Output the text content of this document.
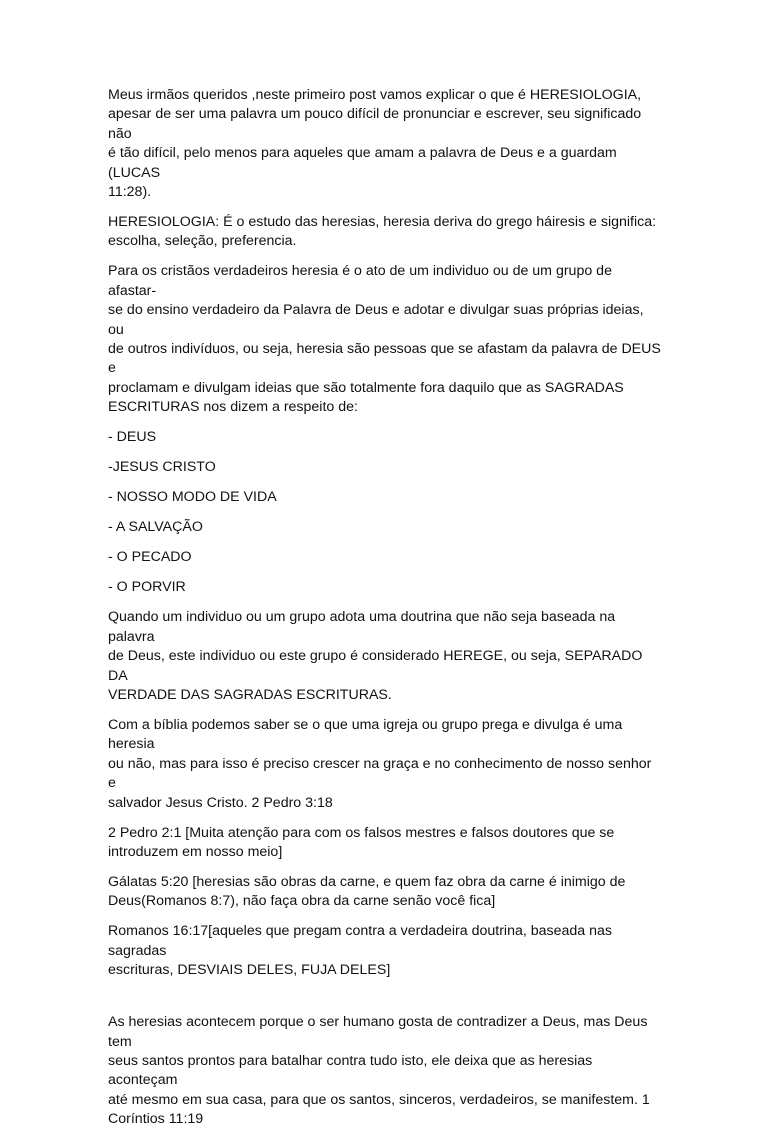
Meus irmãos queridos ,neste primeiro post vamos explicar o que é HERESIOLOGIA,
apesar de ser uma palavra um pouco difícil de pronunciar e escrever, seu significado não
é tão difícil, pelo menos para aqueles que amam a palavra de Deus e a guardam (LUCAS
11:28).

HERESIOLOGIA: É o estudo das heresias, heresia deriva do grego háiresis e significa:
escolha, seleção, preferencia.

Para os cristãos verdadeiros heresia é o ato de um individuo ou de um grupo de afastar-
se do ensino verdadeiro da Palavra de Deus e adotar e divulgar suas próprias ideias, ou
de outros indivíduos, ou seja, heresia são pessoas que se afastam da palavra de DEUS e
proclamam e divulgam ideias que são totalmente fora daquilo que as SAGRADAS
ESCRITURAS nos dizem a respeito de:

- DEUS

-JESUS CRISTO

- NOSSO MODO DE VIDA

- A SALVAÇÃO

- O PECADO

- O PORVIR

Quando um individuo ou um grupo adota uma doutrina que não seja baseada na palavra
de Deus, este individuo ou este grupo é considerado HEREGE, ou seja, SEPARADO DA
VERDADE DAS SAGRADAS ESCRITURAS.

Com a bíblia podemos saber se o que uma igreja ou grupo prega e divulga é uma heresia
ou não, mas para isso é preciso crescer na graça e no conhecimento de nosso senhor e
salvador Jesus Cristo. 2 Pedro 3:18

2 Pedro 2:1 [Muita atenção para com os falsos mestres e falsos doutores que se
introduzem em nosso meio]

Gálatas 5:20 [heresias são obras da carne, e quem faz obra da carne é inimigo de
Deus(Romanos 8:7), não faça obra da carne senão você fica]

Romanos 16:17[aqueles que pregam contra a verdadeira doutrina, baseada nas sagradas
escrituras, DESVIAIS DELES, FUJA DELES]

As heresias acontecem porque o ser humano gosta de contradizer a Deus, mas Deus tem
seus santos prontos para batalhar contra tudo isto, ele deixa que as heresias aconteçam
até mesmo em sua casa, para que os santos, sinceros, verdadeiros, se manifestem. 1
Coríntios 11:19
